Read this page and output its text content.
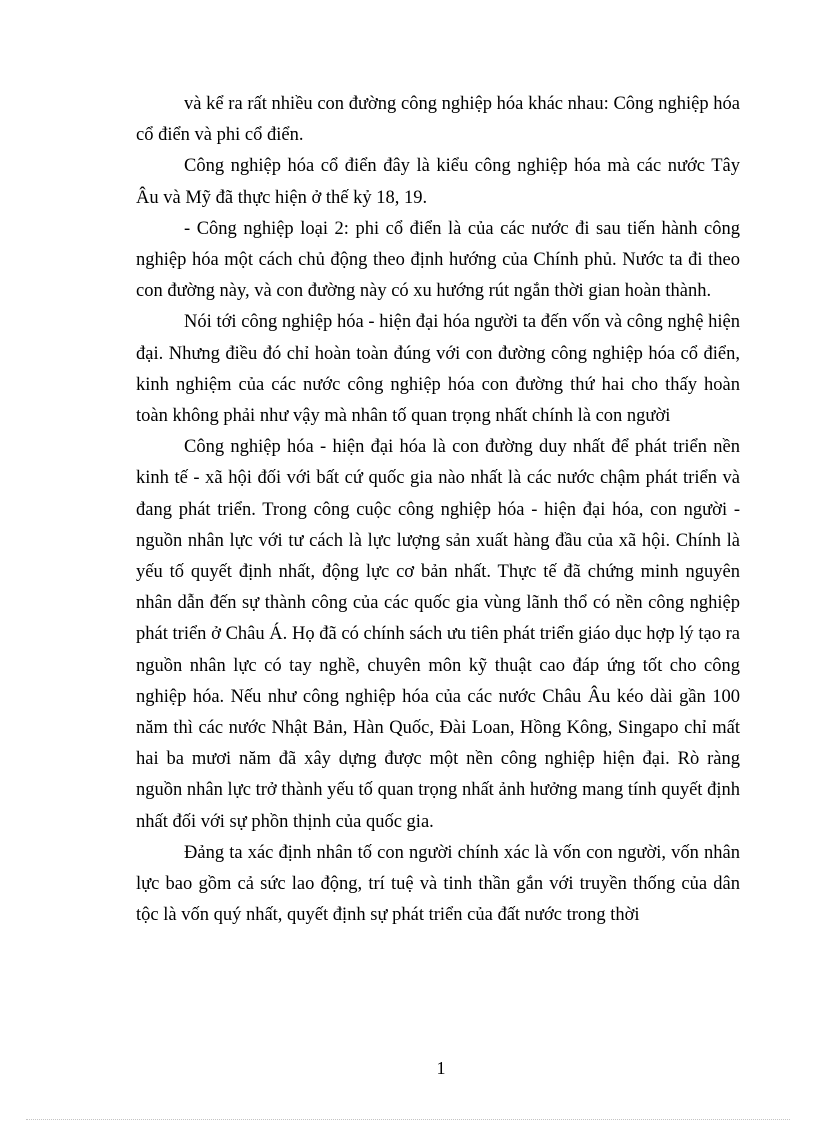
và kể ra rất nhiều con đường công nghiệp hóa khác nhau: Công nghiệp hóa cổ điển và phi cổ điển.

Công nghiệp hóa cổ điển đây là kiểu công nghiệp hóa mà các nước Tây Âu và Mỹ đã thực hiện ở thế kỷ 18, 19.

- Công nghiệp loại 2: phi cổ điển là của các nước đi sau tiến hành công nghiệp hóa một cách chủ động theo định hướng của Chính phủ. Nước ta đi theo con đường này, và con đường này có xu hướng rút ngắn thời gian hoàn thành.

Nói tới công nghiệp hóa - hiện đại hóa người ta đến vốn và công nghệ hiện đại. Nhưng điều đó chỉ hoàn toàn đúng với con đường công nghiệp hóa cổ điển, kinh nghiệm của các nước công nghiệp hóa con đường thứ hai cho thấy hoàn toàn không phải như vậy mà nhân tố quan trọng nhất chính là con người

Công nghiệp hóa - hiện đại hóa là con đường duy nhất để phát triển nền kinh tế - xã hội đối với bất cứ quốc gia nào nhất là các nước chậm phát triển và đang phát triển. Trong công cuộc công nghiệp hóa - hiện đại hóa, con người - nguồn nhân lực với tư cách là lực lượng sản xuất hàng đầu của xã hội. Chính là yếu tố quyết định nhất, động lực cơ bản nhất. Thực tế đã chứng minh nguyên nhân dẫn đến sự thành công của các quốc gia vùng lãnh thổ có nền công nghiệp phát triển ở Châu Á. Họ đã có chính sách ưu tiên phát triển giáo dục hợp lý tạo ra nguồn nhân lực có tay nghề, chuyên môn kỹ thuật cao đáp ứng tốt cho công nghiệp hóa. Nếu như công nghiệp hóa của các nước Châu Âu kéo dài gần 100 năm thì các nước Nhật Bản, Hàn Quốc, Đài Loan, Hồng Kông, Singapo chỉ mất hai ba mươi năm đã xây dựng được một nền công nghiệp hiện đại. Rò ràng nguồn nhân lực trở thành yếu tố quan trọng nhất ảnh hưởng mang tính quyết định nhất đối với sự phồn thịnh của quốc gia.

Đảng ta xác định nhân tố con người chính xác là vốn con người, vốn nhân lực bao gồm cả sức lao động, trí tuệ và tinh thần gắn với truyền thống của dân tộc là vốn quý nhất, quyết định sự phát triển của đất nước trong thời

1
